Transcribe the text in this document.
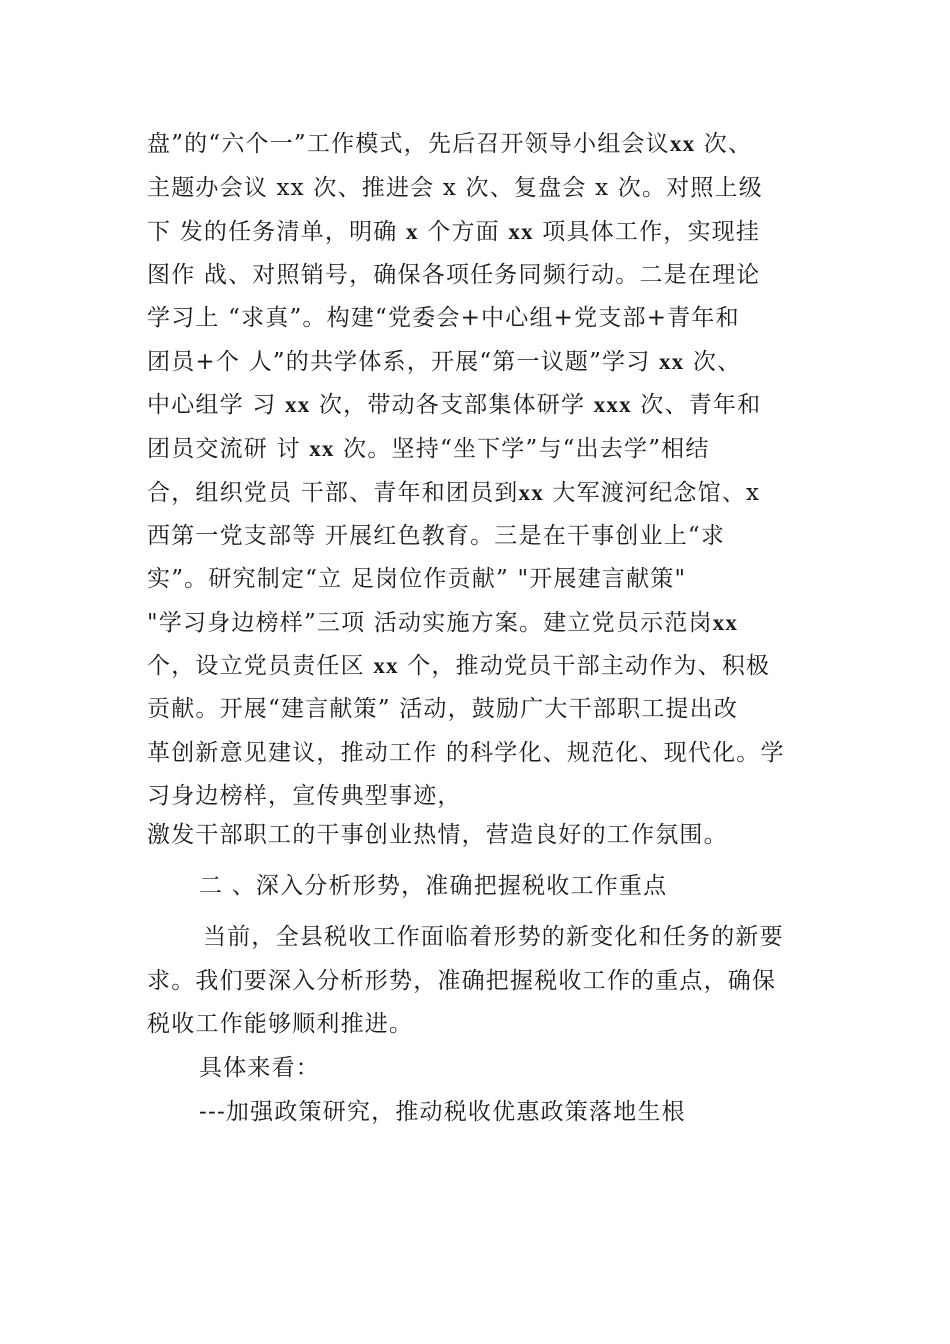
盘”的“六个一”工作模式，先后召开领导小组会议xx 次、
主题办会议 xx 次、推进会 x 次、复盘会 x 次。对照上级
下 发的任务清单，明确 x 个方面 xx 项具体工作，实现挂
图作 战、对照销号，确保各项任务同频行动。二是在理论
学习上 “求真”。构建“党委会+中心组+党支部+青年和
团员+个 人”的共学体系，开展“第一议题”学习 xx 次、
中心组学 习 xx 次，带动各支部集体研学 xxx 次、青年和
团员交流研 讨 xx 次。坚持“坐下学”与“出去学”相结
合，组织党员 干部、青年和团员到xx 大军渡河纪念馆、x
西第一党支部等 开展红色教育。三是在干事创业上“求
实”。研究制定“立 足岗位作贡献” "开展建言献策"
"学习身边榜样”三项 活动实施方案。建立党员示范岗xx
个，设立党员责任区 xx 个，推动党员干部主动作为、积极
贡献。开展“建言献策” 活动，鼓励广大干部职工提出改
革创新意见建议，推动工作 的科学化、规范化、现代化。学
习身边榜样，宣传典型事迹，
激发干部职工的干事创业热情，营造良好的工作氛围。
二 、深入分析形势，准确把握税收工作重点
当前，全县税收工作面临着形势的新变化和任务的新要
求。我们要深入分析形势，准确把握税收工作的重点，确保
税收工作能够顺利推进。
具体来看：
---加强政策研究，推动税收优惠政策落地生根
